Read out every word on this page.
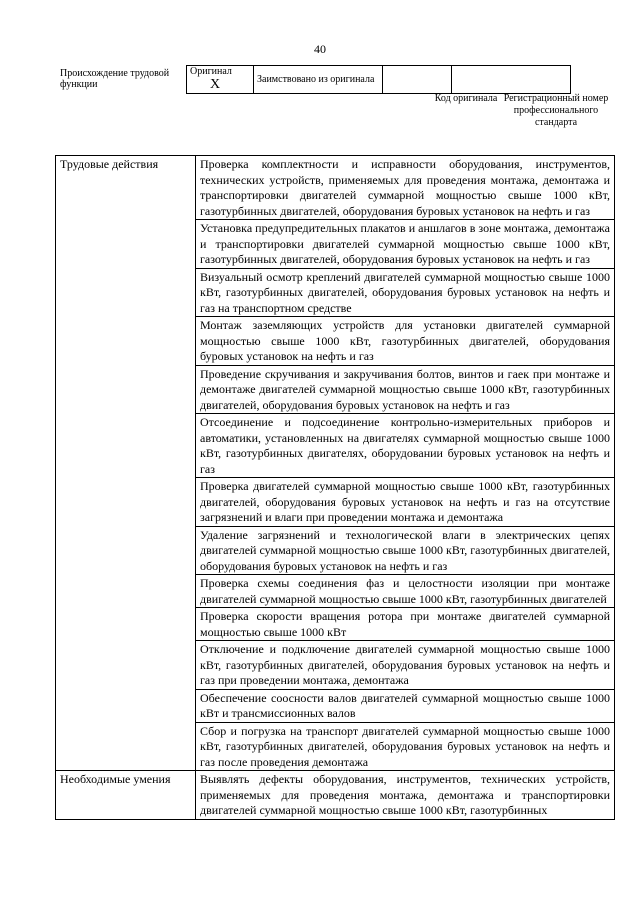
40
Происхождение трудовой функции
Оригинал X	Заимствовано из оригинала		
Код оригинала Регистрационный номер профессионального стандарта
Трудовые действия	Проверка комплектности и исправности оборудования, инструментов, технических устройств, применяемых для проведения монтажа, демонтажа и транспортировки двигателей суммарной мощностью свыше 1000 кВт, газотурбинных двигателей, оборудования буровых установок на нефть и газ
	Установка предупредительных плакатов и аншлагов в зоне монтажа, демонтажа и транспортировки двигателей суммарной мощностью свыше 1000 кВт, газотурбинных двигателей, оборудования буровых установок на нефть и газ
	Визуальный осмотр креплений двигателей суммарной мощностью свыше 1000 кВт, газотурбинных двигателей, оборудования буровых установок на нефть и газ на транспортном средстве
	Монтаж заземляющих устройств для установки двигателей суммарной мощностью свыше 1000 кВт, газотурбинных двигателей, оборудования буровых установок на нефть и газ
	Проведение скручивания и закручивания болтов, винтов и гаек при монтаже и демонтаже двигателей суммарной мощностью свыше 1000 кВт, газотурбинных двигателей, оборудования буровых установок на нефть и газ
	Отсоединение и подсоединение контрольно-измерительных приборов и автоматики, установленных на двигателях суммарной мощностью свыше 1000 кВт, газотурбинных двигателях, оборудовании буровых установок на нефть и газ
	Проверка двигателей суммарной мощностью свыше 1000 кВт, газотурбинных двигателей, оборудования буровых установок на нефть и газ на отсутствие загрязнений и влаги при проведении монтажа и демонтажа
	Удаление загрязнений и технологической влаги в электрических цепях двигателей суммарной мощностью свыше 1000 кВт, газотурбинных двигателей, оборудования буровых установок на нефть и газ
	Проверка схемы соединения фаз и целостности изоляции при монтаже двигателей суммарной мощностью свыше 1000 кВт, газотурбинных двигателей
	Проверка скорости вращения ротора при монтаже двигателей суммарной мощностью свыше 1000 кВт
	Отключение и подключение двигателей суммарной мощностью свыше 1000 кВт, газотурбинных двигателей, оборудования буровых установок на нефть и газ при проведении монтажа, демонтажа
	Обеспечение соосности валов двигателей суммарной мощностью свыше 1000 кВт и трансмиссионных валов
	Сбор и погрузка на транспорт двигателей суммарной мощностью свыше 1000 кВт, газотурбинных двигателей, оборудования буровых установок на нефть и газ после проведения демонтажа
Необходимые умения	Выявлять дефекты оборудования, инструментов, технических устройств, применяемых для проведения монтажа, демонтажа и транспортировки двигателей суммарной мощностью свыше 1000 кВт, газотурбинных
